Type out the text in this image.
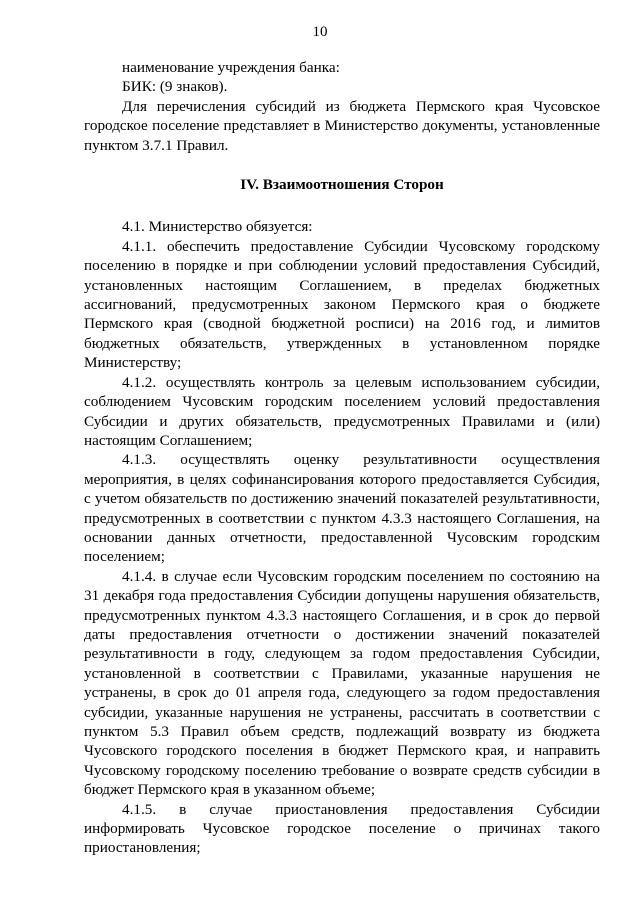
10

наименование учреждения банка:

БИК: (9 знаков).

Для перечисления субсидий из бюджета Пермского края Чусовское городское поселение представляет в Министерство документы, установленные пунктом 3.7.1 Правил.

IV. Взаимоотношения Сторон

4.1. Министерство обязуется:

4.1.1. обеспечить предоставление Субсидии Чусовскому городскому поселению в порядке и при соблюдении условий предоставления Субсидий, установленных настоящим Соглашением, в пределах бюджетных ассигнований, предусмотренных законом Пермского края о бюджете Пермского края (сводной бюджетной росписи) на 2016 год, и лимитов бюджетных обязательств, утвержденных в установленном порядке Министерству;

4.1.2. осуществлять контроль за целевым использованием субсидии, соблюдением Чусовским городским поселением условий предоставления Субсидии и других обязательств, предусмотренных Правилами и (или) настоящим Соглашением;

4.1.3. осуществлять оценку результативности осуществления мероприятия, в целях софинансирования которого предоставляется Субсидия, с учетом обязательств по достижению значений показателей результативности, предусмотренных в соответствии с пунктом 4.3.3 настоящего Соглашения, на основании данных отчетности, предоставленной Чусовским городским поселением;

4.1.4. в случае если Чусовским городским поселением по состоянию на 31 декабря года предоставления Субсидии допущены нарушения обязательств, предусмотренных пунктом 4.3.3 настоящего Соглашения, и в срок до первой даты предоставления отчетности о достижении значений показателей результативности в году, следующем за годом предоставления Субсидии, установленной в соответствии с Правилами, указанные нарушения не устранены, в срок до 01 апреля года, следующего за годом предоставления субсидии, указанные нарушения не устранены, рассчитать в соответствии с пунктом 5.3 Правил объем средств, подлежащий возврату из бюджета Чусовского городского поселения в бюджет Пермского края, и направить Чусовскому городскому поселению требование о возврате средств субсидии в бюджет Пермского края в указанном объеме;

4.1.5. в случае приостановления предоставления Субсидии информировать Чусовское городское поселение о причинах такого приостановления;
